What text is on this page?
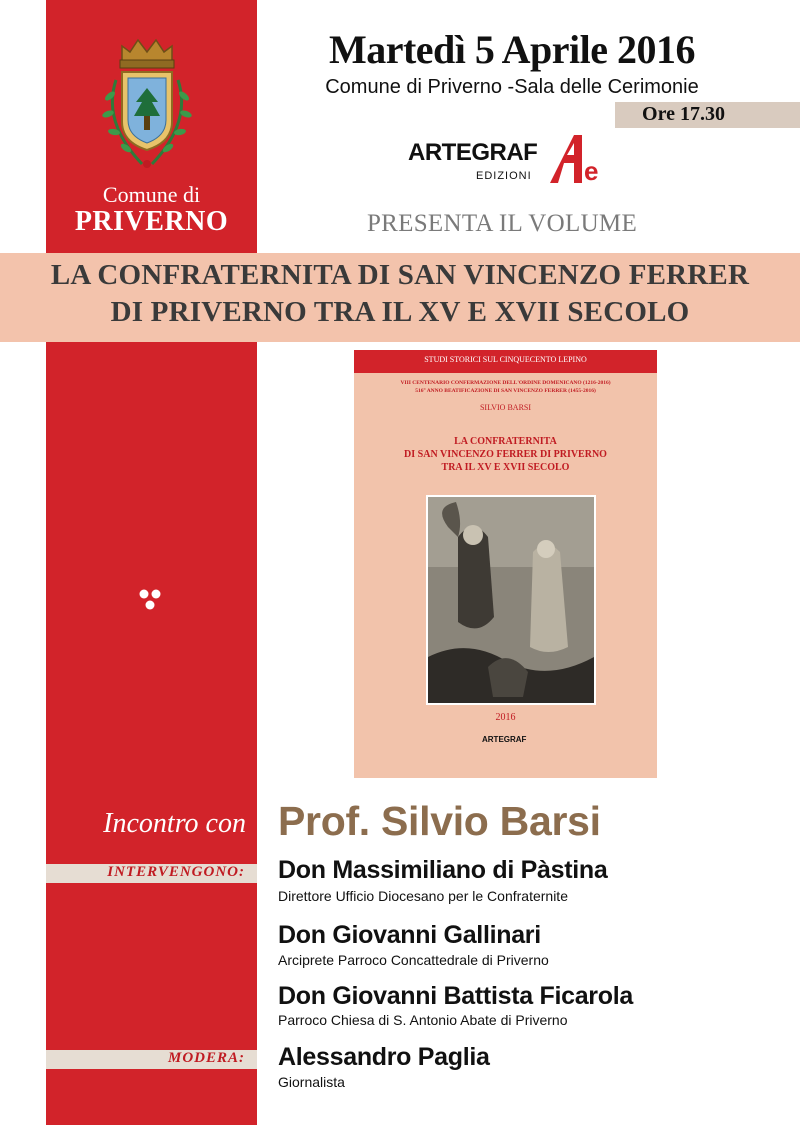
Comune di
PRIVERNO
Martedì 5 Aprile 2016
Comune di Priverno -Sala delle Cerimonie
Ore 17.30
ARTEGRAF
EDIZIONI e
PRESENTA IL VOLUME
LA CONFRATERNITA DI SAN VINCENZO FERRER
DI PRIVERNO TRA IL XV E XVII SECOLO
STUDI STORICI SUL CINQUECENTO LEPINO
VIII CENTENARIO CONFERMAZIONE DELL'ORDINE DOMENICANO (1216-2016)
516° ANNO BEATIFICAZIONE DI SAN VINCENZO FERRER (1455-2016)
SILVIO BARSI
LA CONFRATERNITA
DI SAN VINCENZO FERRER DI PRIVERNO
TRA IL XV E XVII SECOLO
2016
ARTEGRAF
Incontro con Prof. Silvio Barsi
INTERVENGONO: Don Massimiliano di Pàstina
Direttore Ufficio Diocesano per le Confraternite
Don Giovanni Gallinari
Arciprete Parroco Concattedrale di Priverno
Don Giovanni Battista Ficarola
Parroco Chiesa di S. Antonio Abate di Priverno
MODERA: Alessandro Paglia
Giornalista
